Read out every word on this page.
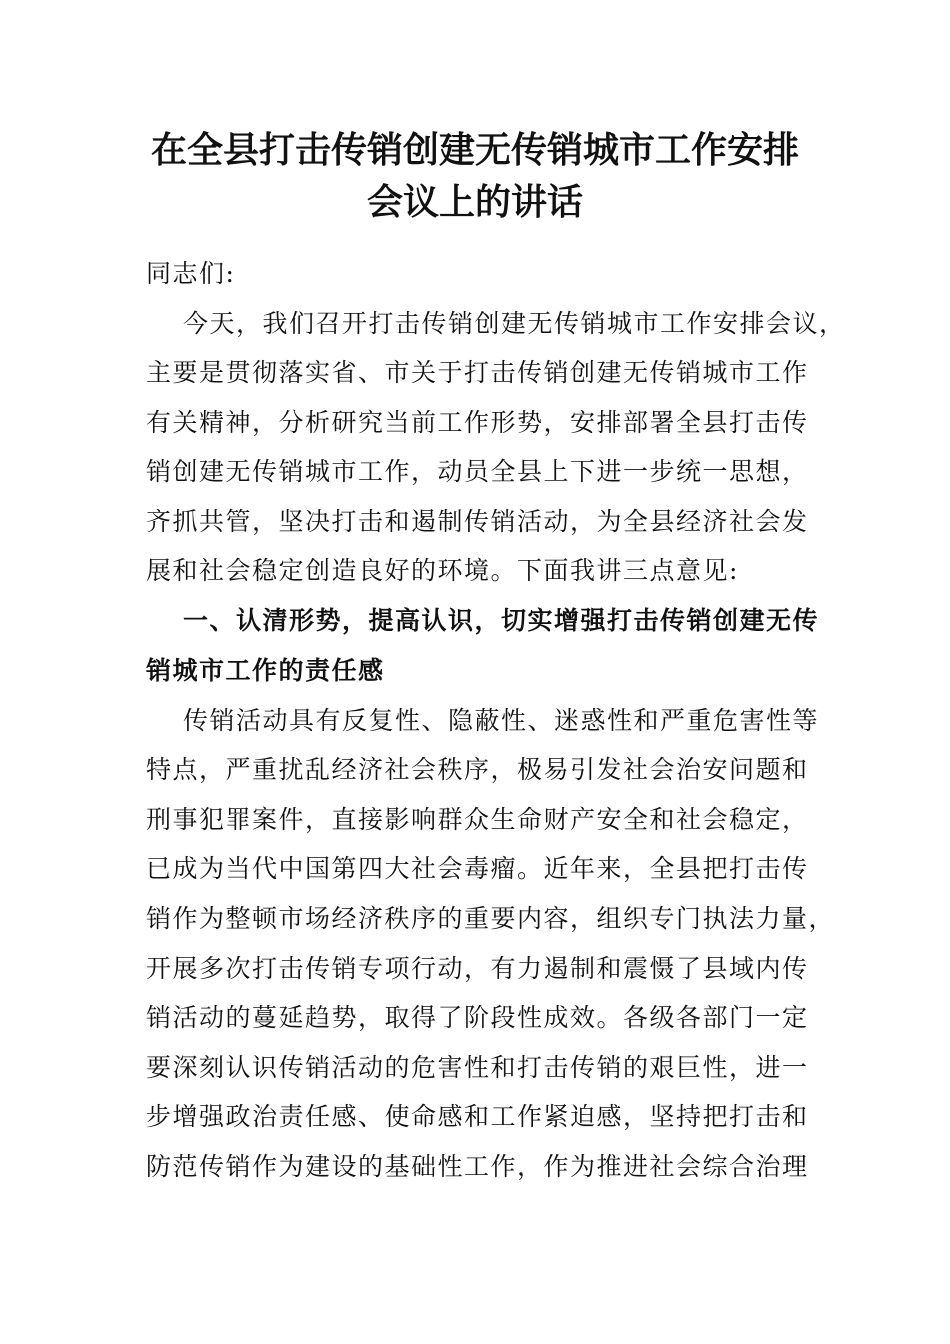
在全县打击传销创建无传销城市工作安排
会议上的讲话
同志们:
今天，我们召开打击传销创建无传销城市工作安排会议，
主要是贯彻落实省、市关于打击传销创建无传销城市工作
有关精神，分析研究当前工作形势，安排部署全县打击传
销创建无传销城市工作，动员全县上下进一步统一思想，
齐抓共管，坚决打击和遏制传销活动，为全县经济社会发
展和社会稳定创造良好的环境。下面我讲三点意见:
一、认清形势，提高认识，切实增强打击传销创建无传
销城市工作的责任感
传销活动具有反复性、隐蔽性、迷惑性和严重危害性等
特点，严重扰乱经济社会秩序，极易引发社会治安问题和
刑事犯罪案件，直接影响群众生命财产安全和社会稳定，
已成为当代中国第四大社会毒瘤。近年来，全县把打击传
销作为整顿市场经济秩序的重要内容，组织专门执法力量，
开展多次打击传销专项行动，有力遏制和震慑了县域内传
销活动的蔓延趋势，取得了阶段性成效。各级各部门一定
要深刻认识传销活动的危害性和打击传销的艰巨性，进一
步增强政治责任感、使命感和工作紧迫感，坚持把打击和
防范传销作为建设的基础性工作，作为推进社会综合治理
